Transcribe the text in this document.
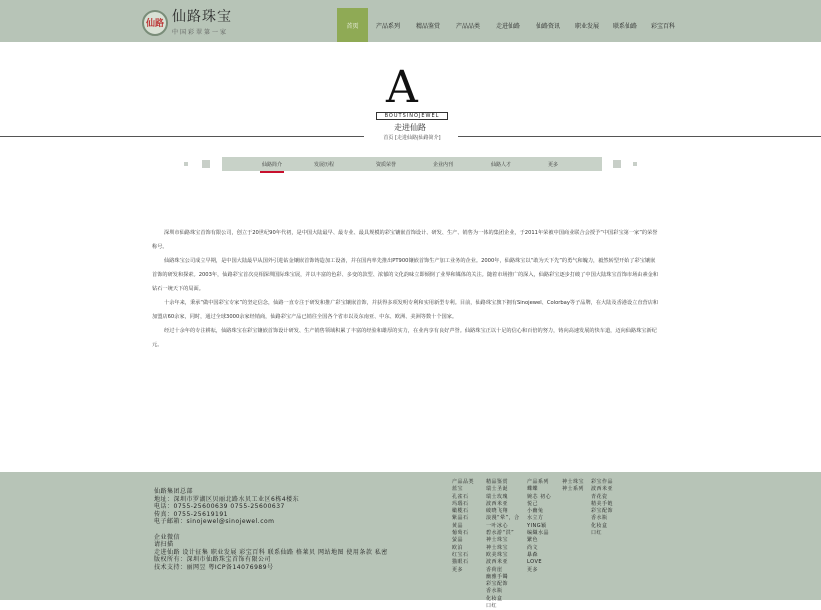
仙路 仙路珠宝
中国彩翠第一家
首页	产品系列	精品鉴赏	产品品类	走进仙路	仙路资讯	职业发展	联系仙路	彩宝百科
A
BOUTSINOJEWEL
走进仙路
首页 [走进仙路|仙路简介]
仙路简介	发展历程	资质荣誉	企业内刊	仙路人才	更多

深圳市仙路珠宝首饰有限公司，创立于20世纪90年代初，是中国大陆最早、最专业、最具规模的彩宝镶嵌首饰设计、研发、生产、销售为一体的集团企业，于2011年荣被中国商业联合会授予“中国彩宝第一家”的荣誉称号。

仙路珠宝公司成立早期，是中国大陆最早从国外引进钻金镶嵌首饰铸造加工设备，并在国内率先推出PT900镶嵌首饰生产加工业务的企业。2000年，仙路珠宝以“敢为天下先”的勇气和魄力，毅然转型开始了彩宝镶嵌首饰的研发和探索。2003年，仙路彩宝首次亮相深圳国际珠宝展，并以丰富的色彩、多变的款型、浓郁的文化韵味立即倾倒了业界和媒体的关注。随着市场推广的深入，仙路彩宝逐步打破了中国大陆珠宝首饰市场由素金和钻石一统天下的局面。

十余年来，秉承“做中国彩宝专家”的坚定信念，仙路一直专注于研发和推广彩宝镶嵌首饰，并获得多项发明专利和实用新型专利。目前，仙路珠宝旗下拥有Sinojewel、Colorbay等子品牌，在大陆及香港设立直营店和加盟店60余家，同时，通过全球3000余家经销商，仙路彩宝产品已销往全国各个省市以及东南亚、中东、欧洲、美洲等数十个国家。

经过十余年的专注耕耘，仙路珠宝在彩宝镶嵌首饰设计研发、生产销售领域积累了丰富的经验和雄厚的实力，在业内享有良好声誉。仙路珠宝正以十足的信心和百倍的努力，铸向高速发展的快车道，迈向仙路珠宝新纪元。

仙路集团总部
地址：深圳市罗湖区贝丽北路水贝工业区6栋4楼东
电话：0755-25600639 0755-25600637
传真：0755-25619191
电子邮箱：sinojewel@sinojewel.com
企业微信
请扫描
走进仙路 设计征集 职业发展 彩宝百科 联系仙路 格莱贝 网站地图 使用条款 私密
版权所有：深圳市仙路珠宝首饰有限公司
技术支持：丽网昱 粤ICP备14076989号
产品品类
蓝宝
孔雀石
玛瑙石
橄榄石
紫晶石
黄晶
葡萄石
萤晶
欧泊
红宝石
猫眼石
更多
精品鉴赏
瑞士圣诞
瑞士玫瑰
波西米亚
破晓飞翔
浪漫“晕”，合
一叶冰心
碧水游“洪”
神士珠宝
神士珠宝
欧美珠宝
波西米亚
香荷崖
幽雅手镯
彩宝配饰
香水瓶
化妆盒
口红
产品系列
蝶蝶
婉芯 初心
悦己
小幽兔
水立方
YING颖
编織水晶
繁色
尚文
暴森
LOVE
更多
神士珠宝
神士系列
彩宝作品
波西米亚
青花瓷
精美手链
彩宝配饰
香水瓶
化妆盒
口红
